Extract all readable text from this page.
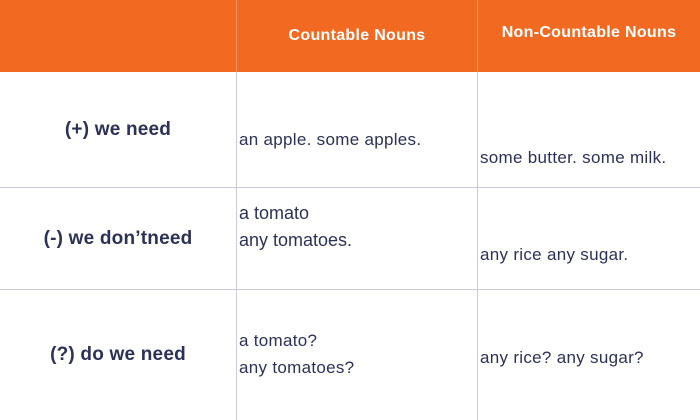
Countable Nouns	Non-Countable Nouns
(+) we need	an apple. some apples.
some butter. some milk.
(-) we don’tneed
a tomato
any tomatoes.
any rice any sugar.
(?) do we need
a tomato?
any tomatoes?
any rice? any sugar?
